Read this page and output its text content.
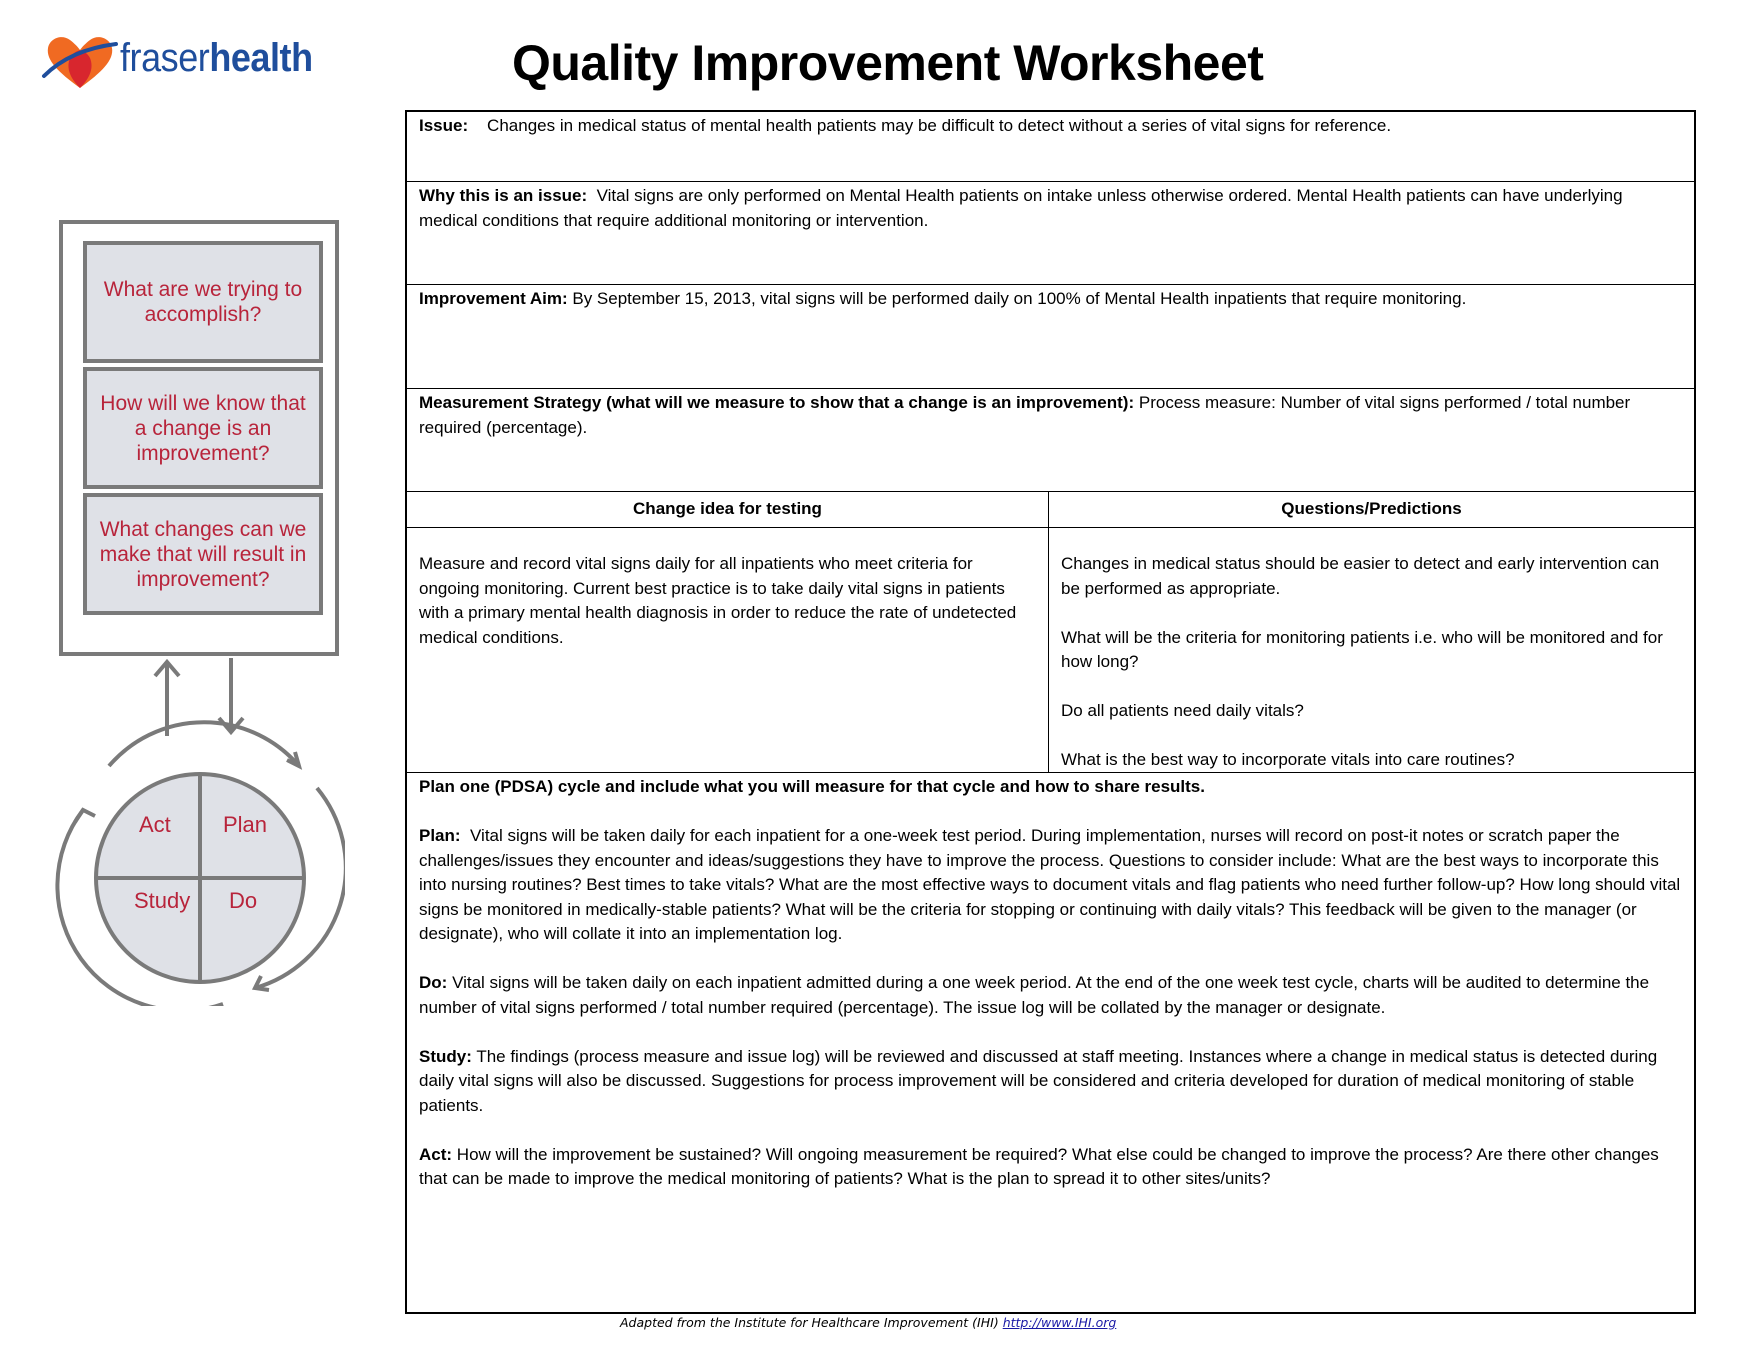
fraserhealth	Quality Improvement Worksheet
What are we trying to accomplish?
How will we know that a change is an improvement?
What changes can we make that will result in improvement?
Act Plan
Study Do

Issue: Changes in medical status of mental health patients may be difficult to detect without a series of vital signs for reference.

Why this is an issue: Vital signs are only performed on Mental Health patients on intake unless otherwise ordered. Mental Health patients can have underlying medical conditions that require additional monitoring or intervention.

Improvement Aim: By September 15, 2013, vital signs will be performed daily on 100% of Mental Health inpatients that require monitoring.

Measurement Strategy (what will we measure to show that a change is an improvement): Process measure: Number of vital signs performed / total number required (percentage).

Change idea for testing	Questions/Predictions

Measure and record vital signs daily for all inpatients who meet criteria for ongoing monitoring. Current best practice is to take daily vital signs in patients with a primary mental health diagnosis in order to reduce the rate of undetected medical conditions.

Changes in medical status should be easier to detect and early intervention can be performed as appropriate.

What will be the criteria for monitoring patients i.e. who will be monitored and for how long?

Do all patients need daily vitals?

What is the best way to incorporate vitals into care routines?

Plan one (PDSA) cycle and include what you will measure for that cycle and how to share results.

Plan: Vital signs will be taken daily for each inpatient for a one-week test period. During implementation, nurses will record on post-it notes or scratch paper the challenges/issues they encounter and ideas/suggestions they have to improve the process. Questions to consider include: What are the best ways to incorporate this into nursing routines? Best times to take vitals? What are the most effective ways to document vitals and flag patients who need further follow-up? How long should vital signs be monitored in medically-stable patients? What will be the criteria for stopping or continuing with daily vitals? This feedback will be given to the manager (or designate), who will collate it into an implementation log.

Do: Vital signs will be taken daily on each inpatient admitted during a one week period. At the end of the one week test cycle, charts will be audited to determine the number of vital signs performed / total number required (percentage). The issue log will be collated by the manager or designate.

Study: The findings (process measure and issue log) will be reviewed and discussed at staff meeting. Instances where a change in medical status is detected during daily vital signs will also be discussed. Suggestions for process improvement will be considered and criteria developed for duration of medical monitoring of stable patients.

Act: How will the improvement be sustained? Will ongoing measurement be required? What else could be changed to improve the process? Are there other changes that can be made to improve the medical monitoring of patients? What is the plan to spread it to other sites/units?

Adapted from the Institute for Healthcare Improvement (IHI) http://www.IHI.org
